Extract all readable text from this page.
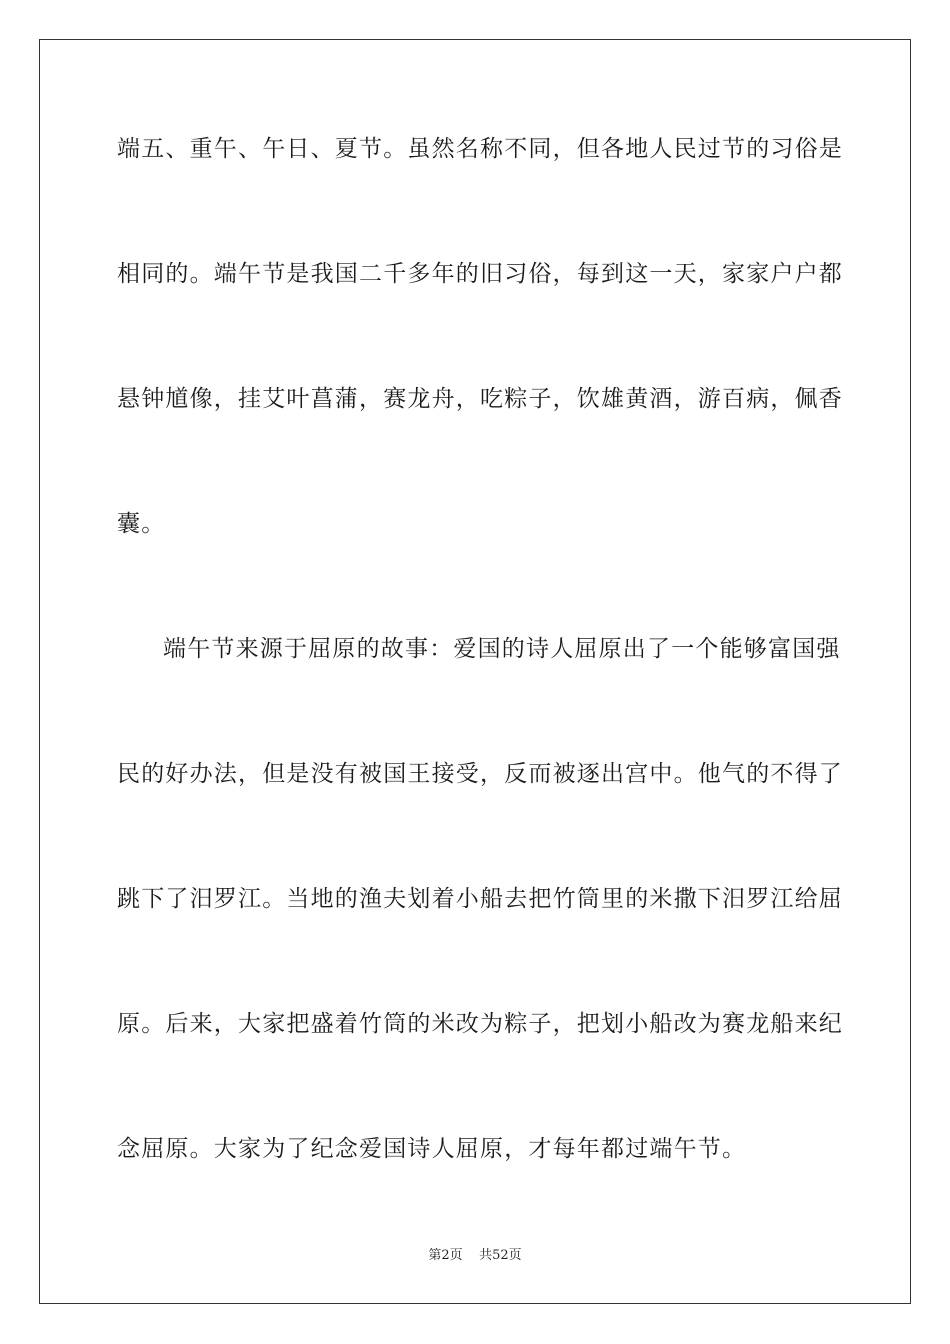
端五、重午、午日、夏节。虽然名称不同，但各地人民过节的习俗是
相同的。端午节是我国二千多年的旧习俗，每到这一天，家家户户都
悬钟馗像，挂艾叶菖蒲，赛龙舟，吃粽子，饮雄黄酒，游百病，佩香
囊。
端午节来源于屈原的故事：爱国的诗人屈原出了一个能够富国强
民的好办法，但是没有被国王接受，反而被逐出宫中。他气的不得了
跳下了汨罗江。当地的渔夫划着小船去把竹筒里的米撒下汨罗江给屈
原。后来，大家把盛着竹筒的米改为粽子，把划小船改为赛龙船来纪
念屈原。大家为了纪念爱国诗人屈原，才每年都过端午节。
第2页    共52页
